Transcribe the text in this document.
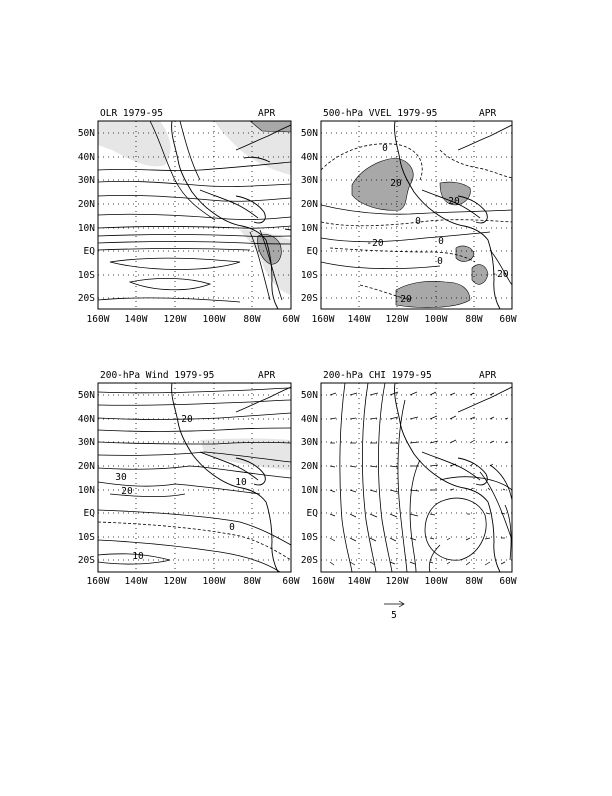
OLR 1979-95	APR
50N
40N
30N
20N
10N
EQ
10S
20S
160W 140W 120W 100W 80W 60W
500-hPa VVEL 1979-95	APR
0
20
20
0
-20	0
0
-20
20
50N
40N
30N
20N
10N
EQ
10S
20S
160W 140W 120W 100W 80W 60W
200-hPa Wind 1979-95	APR
20
30
20
10
10
0
50N
40N
30N
20N
10N
EQ
10S
20S
160W 140W 120W 100W 80W 60W
200-hPa CHI 1979-95	APR
50N
40N
30N
20N
10N
EQ
10S
20S
160W 140W 120W 100W 80W 60W
5
